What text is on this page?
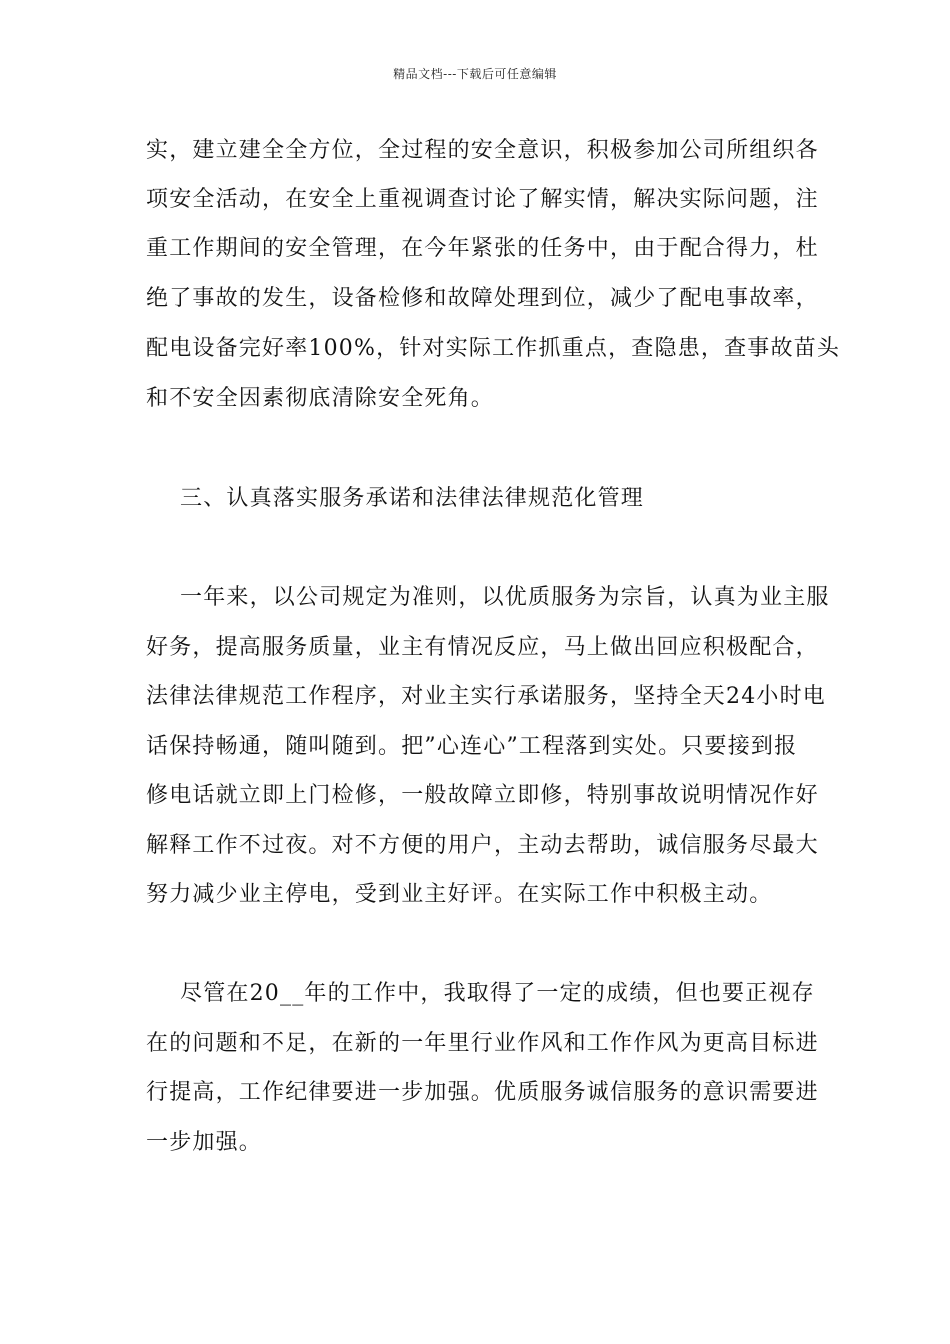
精品文档---下载后可任意编辑
实，建立建全全方位，全过程的安全意识，积极参加公司所组织各
项安全活动，在安全上重视调查讨论了解实情，解决实际问题，注
重工作期间的安全管理，在今年紧张的任务中，由于配合得力，杜
绝了事故的发生，设备检修和故障处理到位，减少了配电事故率，
配电设备完好率100%，针对实际工作抓重点，查隐患，查事故苗头
和不安全因素彻底清除安全死角。
三、认真落实服务承诺和法律法律规范化管理
一年来，以公司规定为准则，以优质服务为宗旨，认真为业主服
好务，提高服务质量，业主有情况反应，马上做出回应积极配合，
法律法律规范工作程序，对业主实行承诺服务，坚持全天24小时电
话保持畅通，随叫随到。把”心连心”工程落到实处。只要接到报
修电话就立即上门检修，一般故障立即修，特别事故说明情况作好
解释工作不过夜。对不方便的用户，主动去帮助，诚信服务尽最大
努力减少业主停电，受到业主好评。在实际工作中积极主动。
尽管在20__年的工作中，我取得了一定的成绩，但也要正视存
在的问题和不足，在新的一年里行业作风和工作作风为更高目标进
行提高，工作纪律要进一步加强。优质服务诚信服务的意识需要进
一步加强。
